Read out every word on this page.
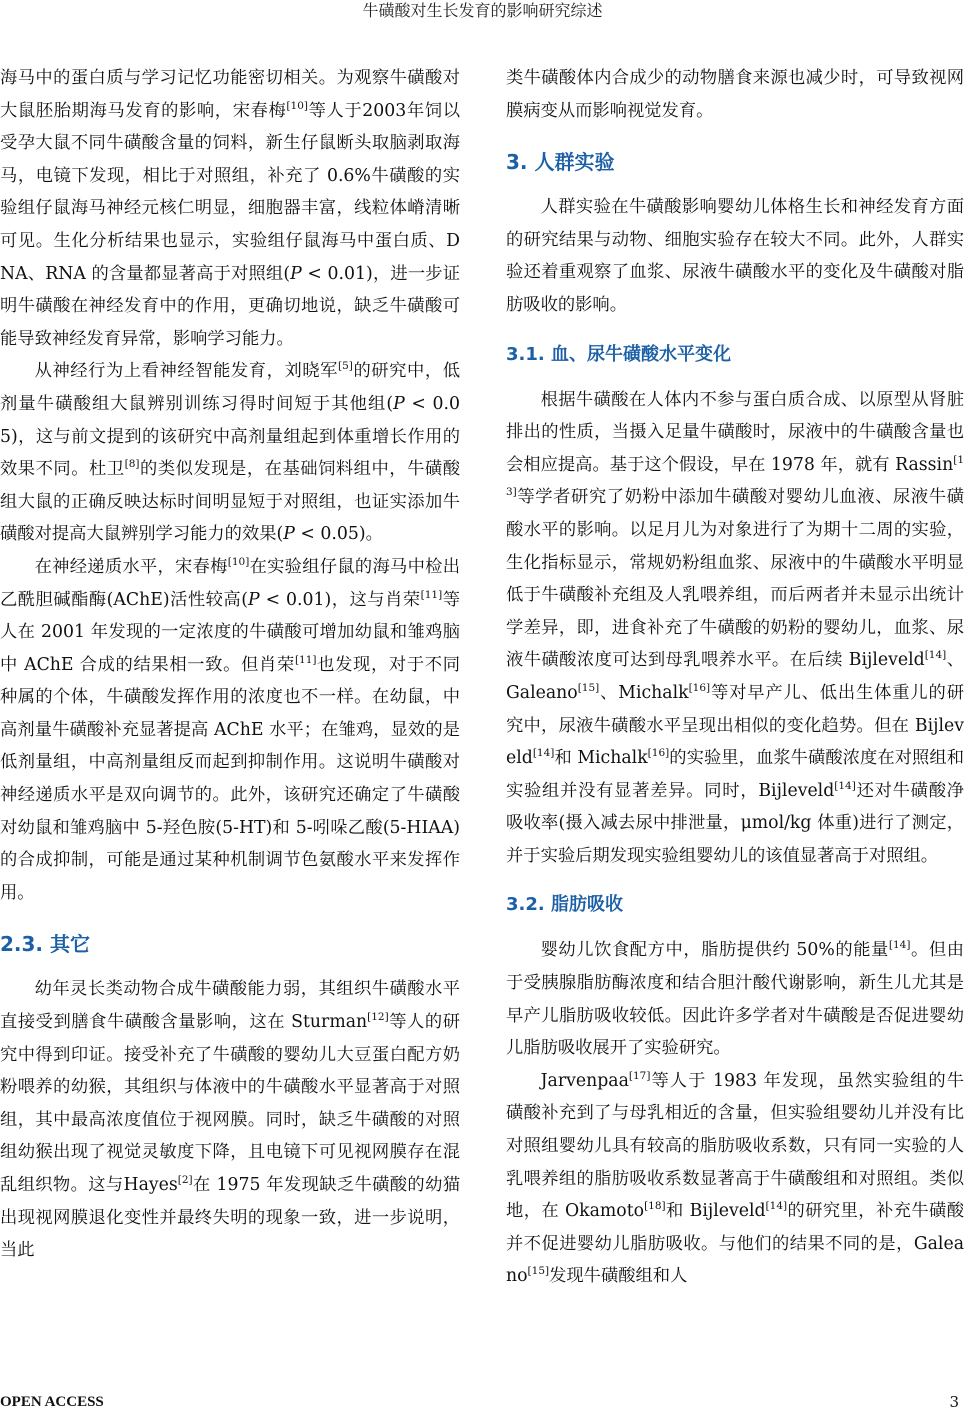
牛磺酸对生长发育的影响研究综述

海马中的蛋白质与学习记忆功能密切相关。为观察牛磺酸对大鼠胚胎期海马发育的影响，宋春梅[10]等人于2003年饲以受孕大鼠不同牛磺酸含量的饲料，新生仔鼠断头取脑剥取海马，电镜下发现，相比于对照组，补充了 0.6%牛磺酸的实验组仔鼠海马神经元核仁明显，细胞器丰富，线粒体嵴清晰可见。生化分析结果也显示，实验组仔鼠海马中蛋白质、DNA、RNA 的含量都显著高于对照组(P < 0.01)，进一步证明牛磺酸在神经发育中的作用，更确切地说，缺乏牛磺酸可能导致神经发育异常，影响学习能力。

从神经行为上看神经智能发育，刘晓军[5]的研究中，低剂量牛磺酸组大鼠辨别训练习得时间短于其他组(P < 0.05)，这与前文提到的该研究中高剂量组起到体重增长作用的效果不同。杜卫[8]的类似发现是，在基础饲料组中，牛磺酸组大鼠的正确反映达标时间明显短于对照组，也证实添加牛磺酸对提高大鼠辨别学习能力的效果(P < 0.05)。

在神经递质水平，宋春梅[10]在实验组仔鼠的海马中检出乙酰胆碱酯酶(AChE)活性较高(P < 0.01)，这与肖荣[11]等人在 2001 年发现的一定浓度的牛磺酸可增加幼鼠和雏鸡脑中 AChE 合成的结果相一致。但肖荣[11]也发现，对于不同种属的个体，牛磺酸发挥作用的浓度也不一样。在幼鼠，中高剂量牛磺酸补充显著提高 AChE 水平；在雏鸡，显效的是低剂量组，中高剂量组反而起到抑制作用。这说明牛磺酸对神经递质水平是双向调节的。此外，该研究还确定了牛磺酸对幼鼠和雏鸡脑中 5-羟色胺(5-HT)和 5-吲哚乙酸(5-HIAA)的合成抑制，可能是通过某种机制调节色氨酸水平来发挥作用。

2.3. 其它

幼年灵长类动物合成牛磺酸能力弱，其组织牛磺酸水平直接受到膳食牛磺酸含量影响，这在 Sturman[12]等人的研究中得到印证。接受补充了牛磺酸的婴幼儿大豆蛋白配方奶粉喂养的幼猴，其组织与体液中的牛磺酸水平显著高于对照组，其中最高浓度值位于视网膜。同时，缺乏牛磺酸的对照组幼猴出现了视觉灵敏度下降，且电镜下可见视网膜存在混乱组织物。这与Hayes[2]在 1975 年发现缺乏牛磺酸的幼猫出现视网膜退化变性并最终失明的现象一致，进一步说明，当此

类牛磺酸体内合成少的动物膳食来源也减少时，可导致视网膜病变从而影响视觉发育。

3. 人群实验

人群实验在牛磺酸影响婴幼儿体格生长和神经发育方面的研究结果与动物、细胞实验存在较大不同。此外，人群实验还着重观察了血浆、尿液牛磺酸水平的变化及牛磺酸对脂肪吸收的影响。

3.1. 血、尿牛磺酸水平变化

根据牛磺酸在人体内不参与蛋白质合成、以原型从肾脏排出的性质，当摄入足量牛磺酸时，尿液中的牛磺酸含量也会相应提高。基于这个假设，早在 1978 年，就有 Rassin[13]等学者研究了奶粉中添加牛磺酸对婴幼儿血液、尿液牛磺酸水平的影响。以足月儿为对象进行了为期十二周的实验，生化指标显示，常规奶粉组血浆、尿液中的牛磺酸水平明显低于牛磺酸补充组及人乳喂养组，而后两者并未显示出统计学差异，即，进食补充了牛磺酸的奶粉的婴幼儿，血浆、尿液牛磺酸浓度可达到母乳喂养水平。在后续 Bijleveld[14]、Galeano[15]、Michalk[16]等对早产儿、低出生体重儿的研究中，尿液牛磺酸水平呈现出相似的变化趋势。但在 Bijleveld[14]和 Michalk[16]的实验里，血浆牛磺酸浓度在对照组和实验组并没有显著差异。同时，Bijleveld[14]还对牛磺酸净吸收率(摄入减去尿中排泄量，μmol/kg 体重)进行了测定，并于实验后期发现实验组婴幼儿的该值显著高于对照组。

3.2. 脂肪吸收

婴幼儿饮食配方中，脂肪提供约 50%的能量[14]。但由于受胰腺脂肪酶浓度和结合胆汁酸代谢影响，新生儿尤其是早产儿脂肪吸收较低。因此许多学者对牛磺酸是否促进婴幼儿脂肪吸收展开了实验研究。

Jarvenpaa[17]等人于 1983 年发现，虽然实验组的牛磺酸补充到了与母乳相近的含量，但实验组婴幼儿并没有比对照组婴幼儿具有较高的脂肪吸收系数，只有同一实验的人乳喂养组的脂肪吸收系数显著高于牛磺酸组和对照组。类似地，在 Okamoto[18]和 Bijleveld[14]的研究里，补充牛磺酸并不促进婴幼儿脂肪吸收。与他们的结果不同的是，Galeano[15]发现牛磺酸组和人

OPEN ACCESS	3
